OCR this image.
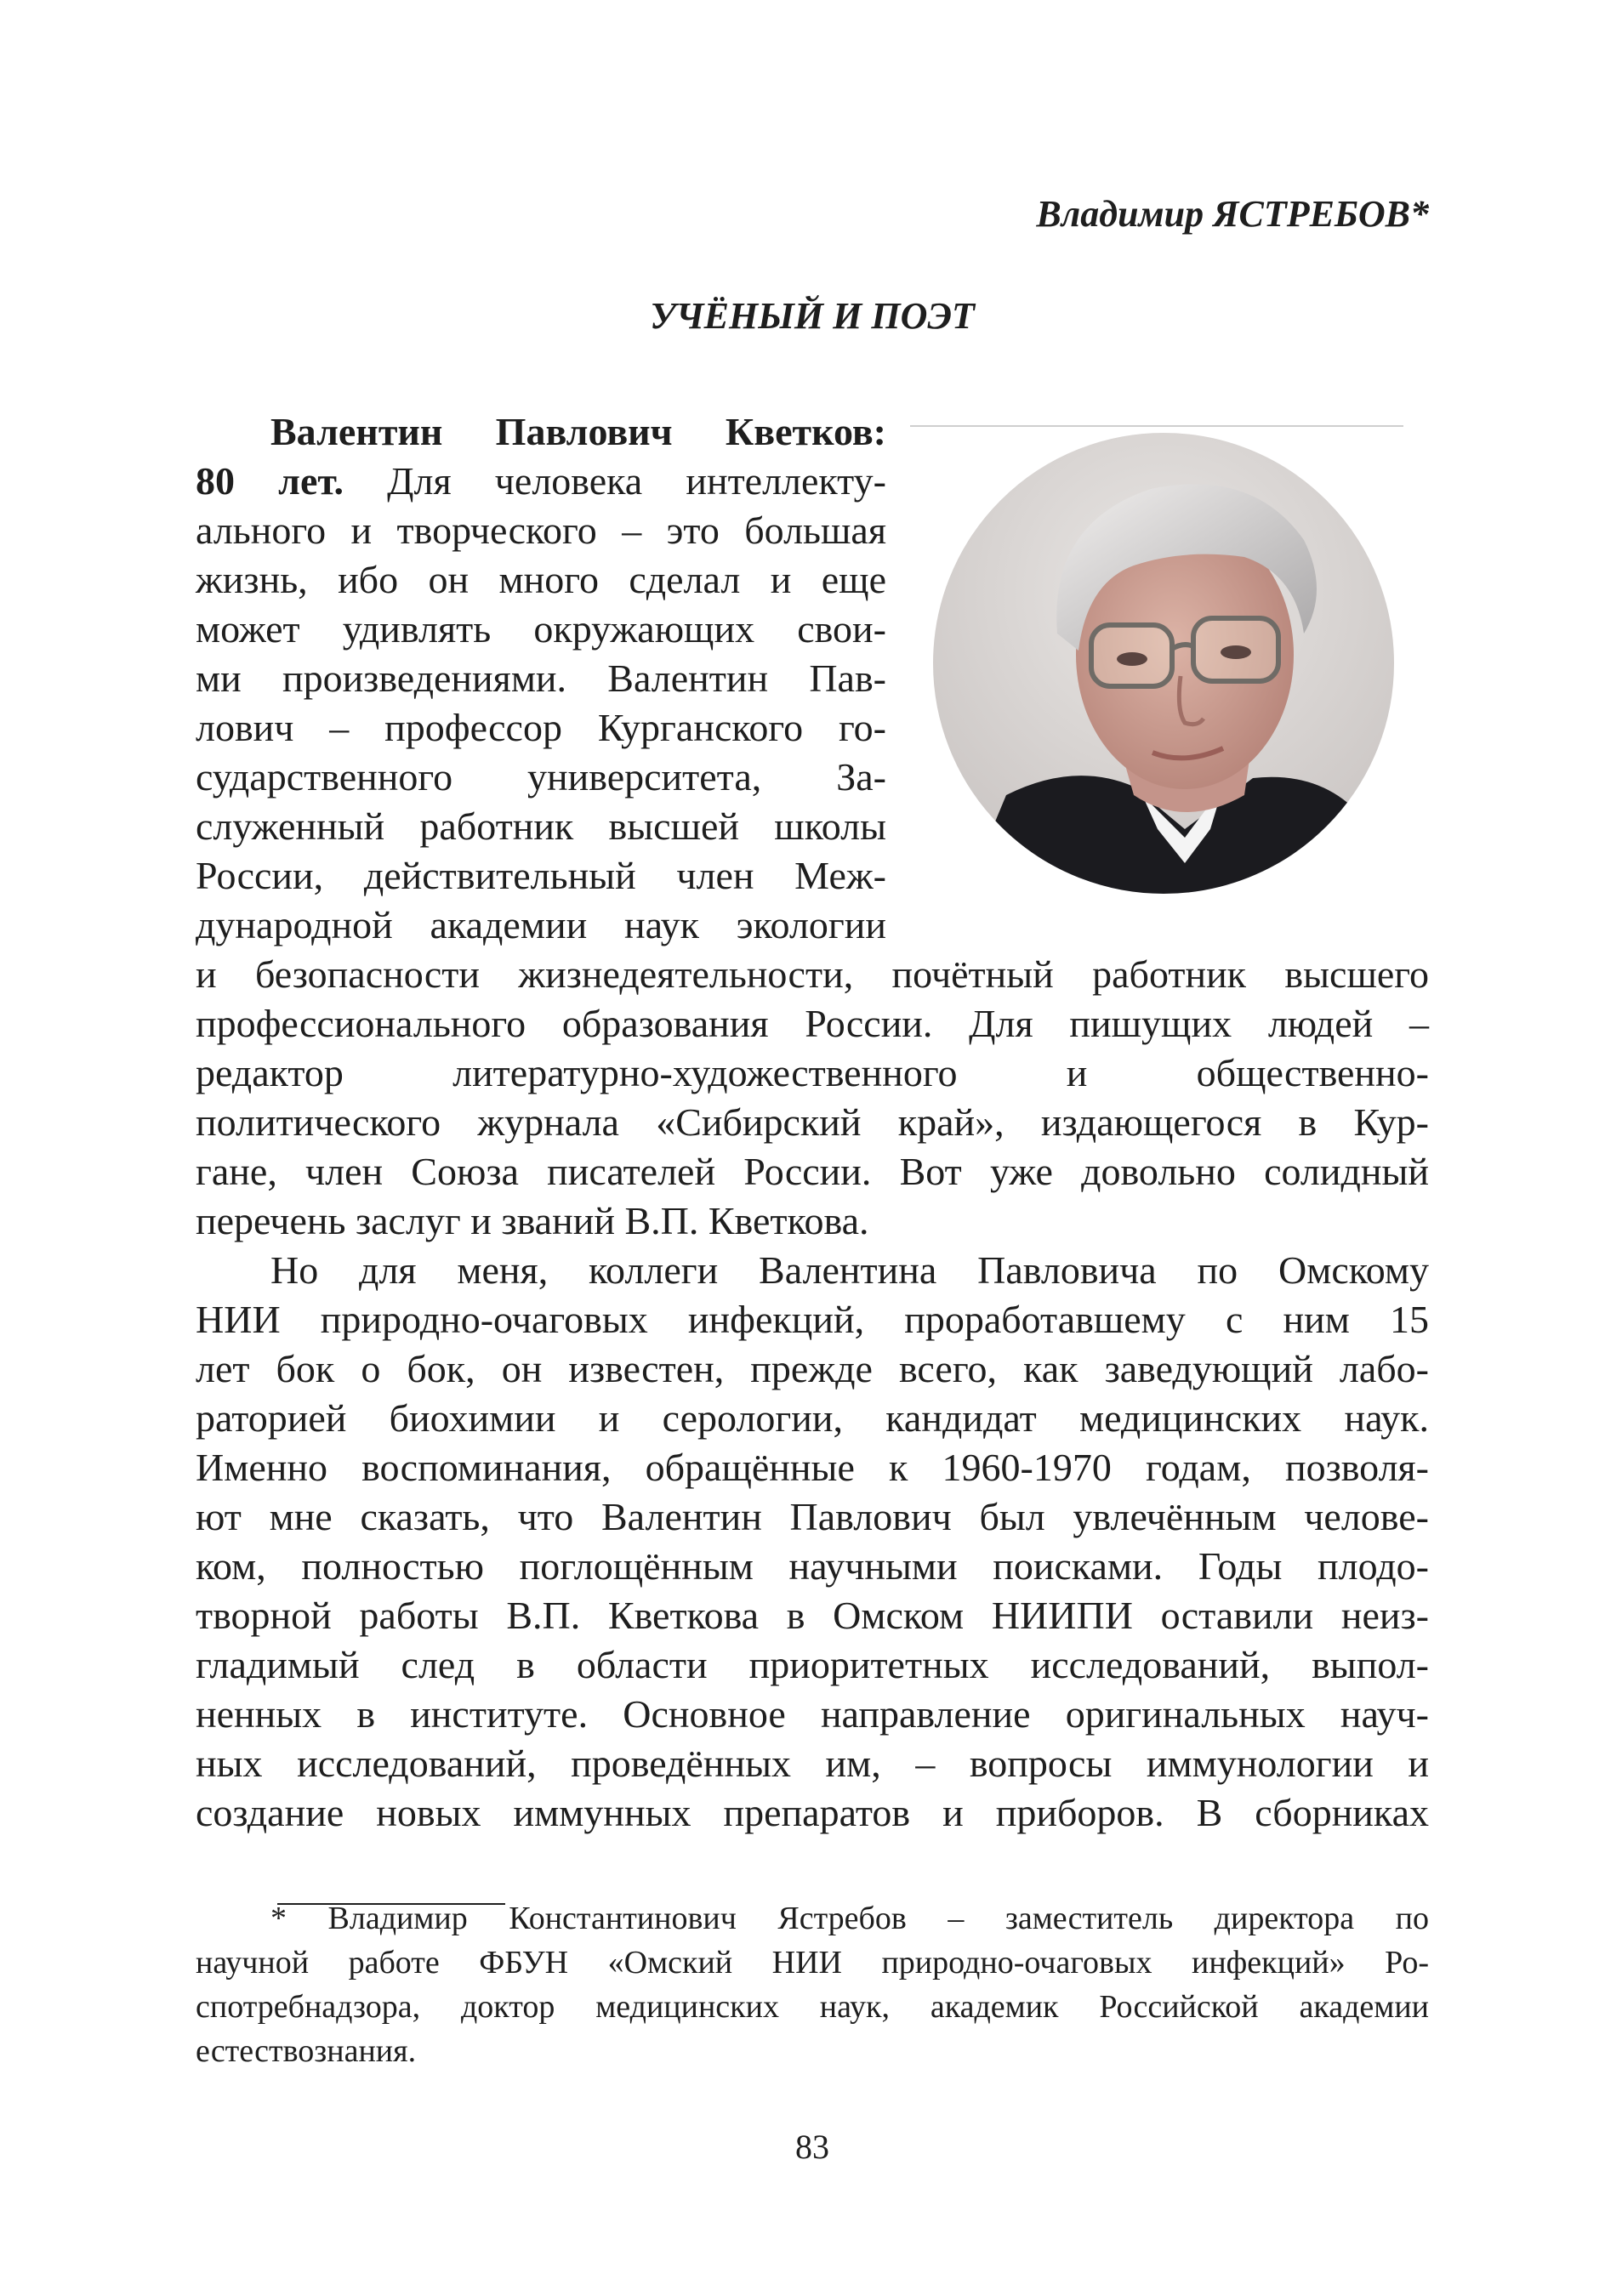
Владимир ЯСТРЕБОВ*

УЧЁНЫЙ И ПОЭТ

Валентин Павлович Кветков:
80 лет. Для человека интеллекту-
ального и творческого – это большая
жизнь, ибо он много сделал и еще
может удивлять окружающих свои-
ми произведениями. Валентин Пав-
лович – профессор Курганского го-
сударственного университета, За-
служенный работник высшей школы
России, действительный член Меж-
дународной академии наук экологии
и безопасности жизнедеятельности, почётный работник высшего
профессионального образования России. Для пишущих людей –
редактор литературно-художественного и общественно-
политического журнала «Сибирский край», издающегося в Кур-
гане, член Союза писателей России. Вот уже довольно солидный
перечень заслуг и званий В.П. Кветкова.
Но для меня, коллеги Валентина Павловича по Омскому
НИИ природно-очаговых инфекций, проработавшему с ним 15
лет бок о бок, он известен, прежде всего, как заведующий лабо-
раторией биохимии и серологии, кандидат медицинских наук.
Именно воспоминания, обращённые к 1960-1970 годам, позволя-
ют мне сказать, что Валентин Павлович был увлечённым челове-
ком, полностью поглощённым научными поисками. Годы плодо-
творной работы В.П. Кветкова в Омском НИИПИ оставили неиз-
гладимый след в области приоритетных исследований, выпол-
ненных в институте. Основное направление оригинальных науч-
ных исследований, проведённых им, – вопросы иммунологии и
создание новых иммунных препаратов и приборов. В сборниках
* Владимир Константинович Ястребов – заместитель директора по
научной работе ФБУН «Омский НИИ природно-очаговых инфекций» Ро-
спотребнадзора, доктор медицинских наук, академик Российской академии
естествознания.

83
